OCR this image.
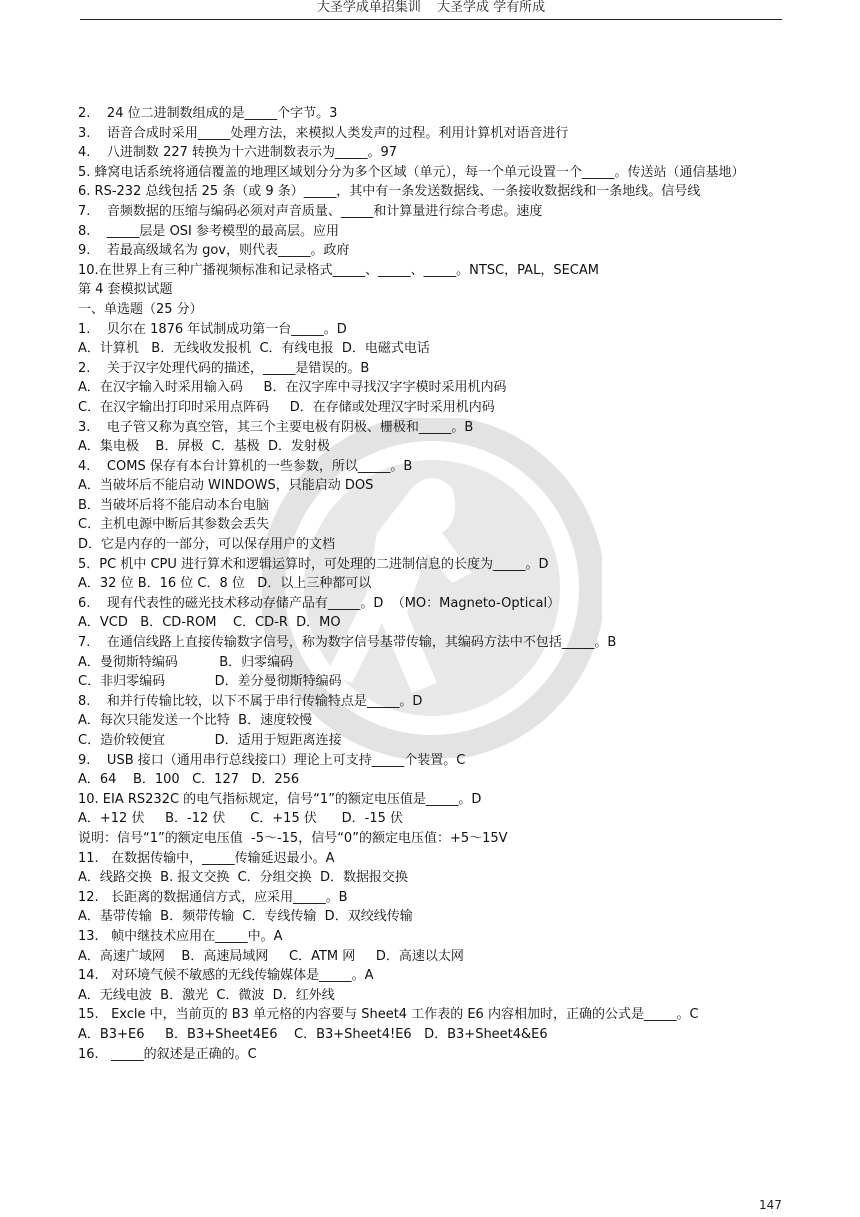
大圣学成单招集训 大圣学成 学有所成
2.    24 位二进制数组成的是_____个字节。3
3.    语音合成时采用_____处理方法，来模拟人类发声的过程。利用计算机对语音进行
4.    八进制数 227 转换为十六进制数表示为_____。97
5. 蜂窝电话系统将通信覆盖的地理区域划分分为多个区域（单元），每一个单元设置一个_____。传送站（通信基地）
6. RS-232 总线包括 25 条（或 9 条）_____，其中有一条发送数据线、一条接收数据线和一条地线。信号线
7.    音频数据的压缩与编码必须对声音质量、_____和计算量进行综合考虑。速度
8.    _____层是 OSI 参考模型的最高层。应用
9.    若最高级域名为 gov，则代表_____。政府
10.在世界上有三种广播视频标准和记录格式_____、_____、_____。NTSC，PAL，SECAM
第 4 套模拟试题
一、单选题（25 分）
1.    贝尔在 1876 年试制成功第一台_____。D
A．计算机   B．无线收发报机  C．有线电报  D．电磁式电话
2.    关于汉字处理代码的描述，_____是错误的。B
A．在汉字输入时采用输入码     B．在汉字库中寻找汉字字模时采用机内码
C．在汉字输出打印时采用点阵码     D．在存储或处理汉字时采用机内码
3.    电子管又称为真空管，其三个主要电极有阴极、栅极和_____。B
A．集电极    B．屏极  C．基极  D．发射极
4.    COMS 保存有本台计算机的一些参数，所以_____。B
A．当破坏后不能启动 WINDOWS，只能启动 DOS
B．当破坏后将不能启动本台电脑
C．主机电源中断后其参数会丢失
D．它是内存的一部分，可以保存用户的文档
5．PC 机中 CPU 进行算术和逻辑运算时，可处理的二进制信息的长度为_____。D
A．32 位 B．16 位 C．8 位   D．以上三种都可以
6.    现有代表性的磁光技术移动存储产品有_____。D  （MO：Magneto-Optical）
A．VCD   B．CD-ROM    C．CD-R  D．MO
7.    在通信线路上直接传输数字信号，称为数字信号基带传输，其编码方法中不包括_____。B
A．曼彻斯特编码          B．归零编码
C．非归零编码            D．差分曼彻斯特编码
8.    和并行传输比较，以下不属于串行传输特点是_____。D
A．每次只能发送一个比特  B．速度较慢
C．造价较便宜            D．适用于短距离连接
9.    USB 接口（通用串行总线接口）理论上可支持_____个装置。C
A．64    B．100   C．127   D．256
10. EIA RS232C 的电气指标规定，信号“1”的额定电压值是_____。D
A．+12 伏     B．-12 伏      C．+15 伏      D．-15 伏
说明：信号“1”的额定电压值  -5～-15，信号“0”的额定电压值：+5～15V
11.   在数据传输中，_____传输延迟最小。A
A．线路交换  B. 报文交换  C．分组交换  D．数据报交换
12.   长距离的数据通信方式，应采用_____。B
A．基带传输  B．频带传输  C．专线传输  D．双绞线传输
13.   帧中继技术应用在_____中。A
A．高速广域网    B．高速局域网     C．ATM 网     D．高速以太网
14.   对环境气候不敏感的无线传输媒体是_____。A
A．无线电波  B．激光  C．微波  D．红外线
15.   Excle 中，当前页的 B3 单元格的内容要与 Sheet4 工作表的 E6 内容相加时，正确的公式是_____。C
A．B3+E6     B．B3+Sheet4E6    C．B3+Sheet4!E6   D．B3+Sheet4&E6
16.   _____的叙述是正确的。C
147
